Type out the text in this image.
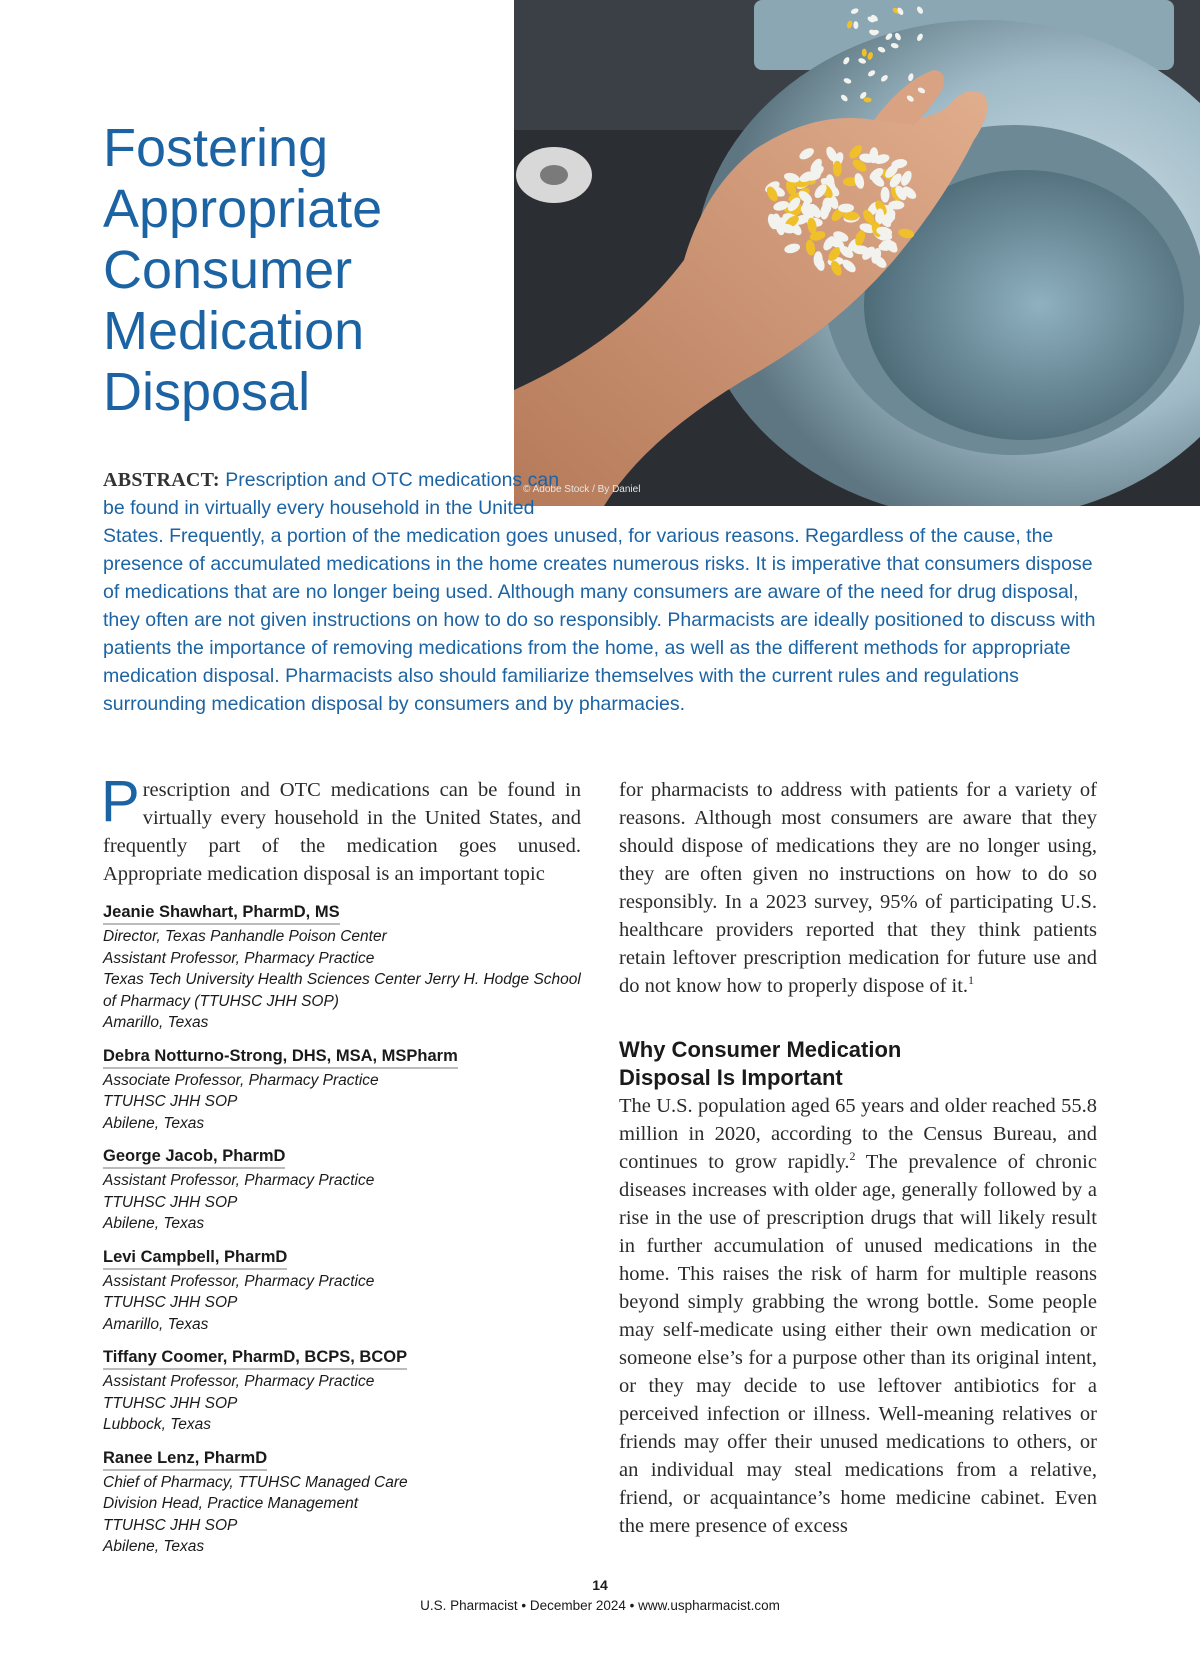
© Adobe Stock / By Daniel
Fostering
Appropriate
Consumer
Medication
Disposal

ABSTRACT: Prescription and OTC medications can be found in virtually every household in the United States. Frequently, a portion of the medication goes unused, for various reasons. Regardless of the cause, the presence of accumulated medications in the home creates numerous risks. It is imperative that consumers dispose of medications that are no longer being used. Although many consumers are aware of the need for drug disposal, they often are not given instructions on how to do so responsibly. Pharmacists are ideally positioned to discuss with patients the importance of removing medications from the home, as well as the different methods for appropriate medication disposal. Pharmacists also should familiarize themselves with the current rules and regulations surrounding medication disposal by consumers and by pharmacies.

Prescription and OTC medications can be found in virtually every household in the United States, and frequently part of the medication goes unused. Appropriate medication disposal is an important topic

Jeanie Shawhart, PharmD, MS
Director, Texas Panhandle Poison Center
Assistant Professor, Pharmacy Practice
Texas Tech University Health Sciences Center Jerry H. Hodge School of Pharmacy (TTUHSC JHH SOP)
Amarillo, Texas
Debra Notturno-Strong, DHS, MSA, MSPharm
Associate Professor, Pharmacy Practice
TTUHSC JHH SOP
Abilene, Texas
George Jacob, PharmD
Assistant Professor, Pharmacy Practice
TTUHSC JHH SOP
Abilene, Texas
Levi Campbell, PharmD
Assistant Professor, Pharmacy Practice
TTUHSC JHH SOP
Amarillo, Texas
Tiffany Coomer, PharmD, BCPS, BCOP
Assistant Professor, Pharmacy Practice
TTUHSC JHH SOP
Lubbock, Texas
Ranee Lenz, PharmD
Chief of Pharmacy, TTUHSC Managed Care
Division Head, Practice Management
TTUHSC JHH SOP
Abilene, Texas

for pharmacists to address with patients for a variety of reasons. Although most consumers are aware that they should dispose of medications they are no longer using, they are often given no instructions on how to do so responsibly. In a 2023 survey, 95% of participating U.S. healthcare providers reported that they think patients retain leftover prescription medication for future use and do not know how to properly dispose of it.$^1$

Why Consumer Medication
Disposal Is Important

The U.S. population aged 65 years and older reached 55.8 million in 2020, according to the Census Bureau, and continues to grow rapidly.$^2$ The prevalence of chronic diseases increases with older age, generally followed by a rise in the use of prescription drugs that will likely result in further accumulation of unused medications in the home. This raises the risk of harm for multiple reasons beyond simply grabbing the wrong bottle. Some people may self-medicate using either their own medication or someone else’s for a purpose other than its original intent, or they may decide to use leftover antibiotics for a perceived infection or illness. Well-meaning relatives or friends may offer their unused medications to others, or an individual may steal medications from a relative, friend, or acquaintance’s home medicine cabinet. Even the mere presence of excess

14
U.S. Pharmacist • December 2024 • www.uspharmacist.com
